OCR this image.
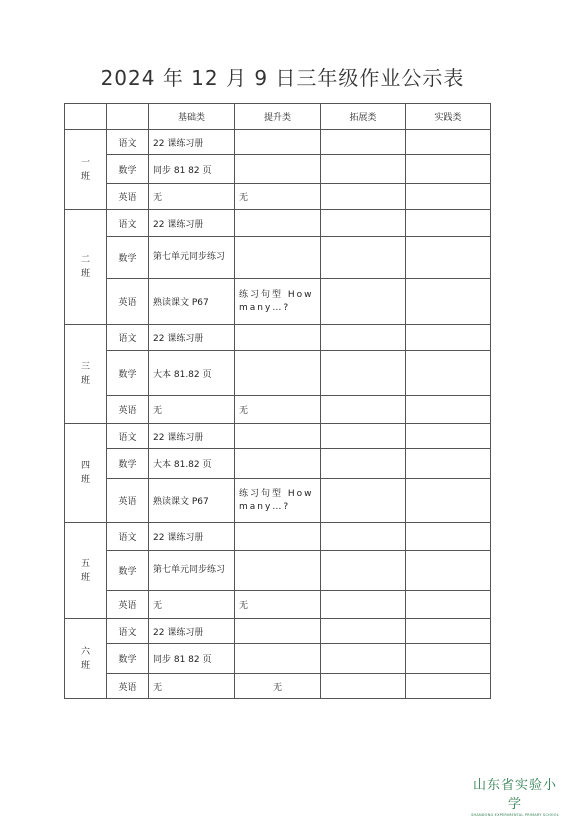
2024 年 12 月 9 日三年级作业公示表
		基础类	提升类	拓展类	实践类

一
班	语文	22 课练习册			
	数学	同步 81 82 页			
	英语	无	无		

二
班	语文	22 课练习册			
	数学	第七单元同步练习			
	英语	熟读课文 P67	练习句型 How many…?		

三
班	语文	22 课练习册			
	数学	大本 81.82 页			
	英语	无	无		

四
班	语文	22 课练习册			
	数学	大本 81.82 页			
	英语	熟读课文 P67	练习句型 How many…?		

五
班	语文	22 课练习册			
	数学	第七单元同步练习			
	英语	无	无		

六
班	语文	22 课练习册			
	数学	同步 81 82 页			
	英语	无	无		
山东省实验小学
SHANDONG EXPERIMENTAL PRIMARY SCHOOL
